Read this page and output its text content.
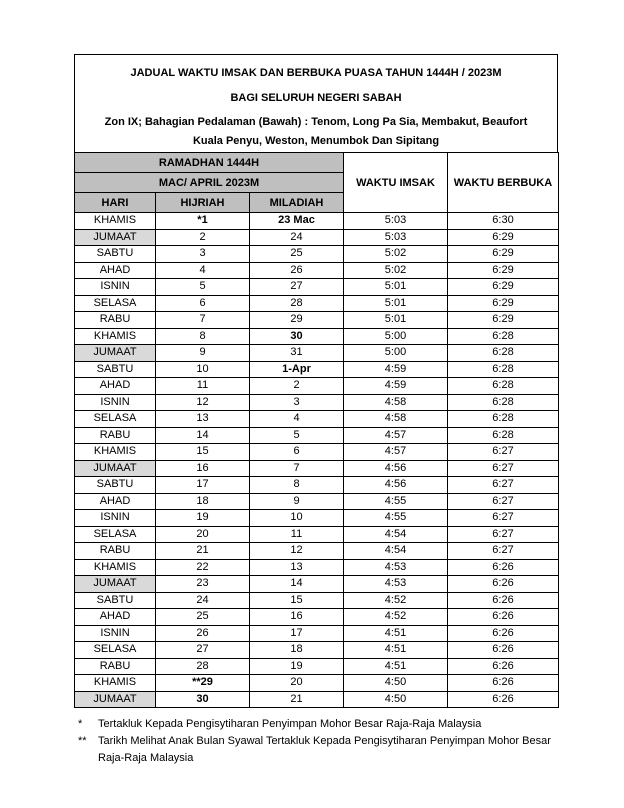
JADUAL WAKTU IMSAK DAN BERBUKA PUASA TAHUN 1444H / 2023M
BAGI SELURUH NEGERI SABAH
Zon IX; Bahagian Pedalaman (Bawah) : Tenom, Long Pa Sia, Membakut, Beaufort
Kuala Penyu, Weston, Menumbok Dan Sipitang
RAMADHAN 1444H			WAKTU IMSAK	WAKTU BERBUKA
MAC/ APRIL 2023M				
HARI	HIJRIAH	MILADIAH		
KHAMIS	*1	23 Mac	5:03	6:30
JUMAAT	2	24	5:03	6:29
SABTU	3	25	5:02	6:29
AHAD	4	26	5:02	6:29
ISNIN	5	27	5:01	6:29
SELASA	6	28	5:01	6:29
RABU	7	29	5:01	6:29
KHAMIS	8	30	5:00	6:28
JUMAAT	9	31	5:00	6:28
SABTU	10	1-Apr	4:59	6:28
AHAD	11	2	4:59	6:28
ISNIN	12	3	4:58	6:28
SELASA	13	4	4:58	6:28
RABU	14	5	4:57	6:28
KHAMIS	15	6	4:57	6:27
JUMAAT	16	7	4:56	6:27
SABTU	17	8	4:56	6:27
AHAD	18	9	4:55	6:27
ISNIN	19	10	4:55	6:27
SELASA	20	11	4:54	6:27
RABU	21	12	4:54	6:27
KHAMIS	22	13	4:53	6:26
JUMAAT	23	14	4:53	6:26
SABTU	24	15	4:52	6:26
AHAD	25	16	4:52	6:26
ISNIN	26	17	4:51	6:26
SELASA	27	18	4:51	6:26
RABU	28	19	4:51	6:26
KHAMIS	**29	20	4:50	6:26
JUMAAT	30	21	4:50	6:26
*	Tertakluk Kepada Pengisytiharan Penyimpan Mohor Besar Raja-Raja Malaysia
**	Tarikh Melihat Anak Bulan Syawal Tertakluk Kepada Pengisytiharan Penyimpan Mohor Besar Raja-Raja Malaysia
